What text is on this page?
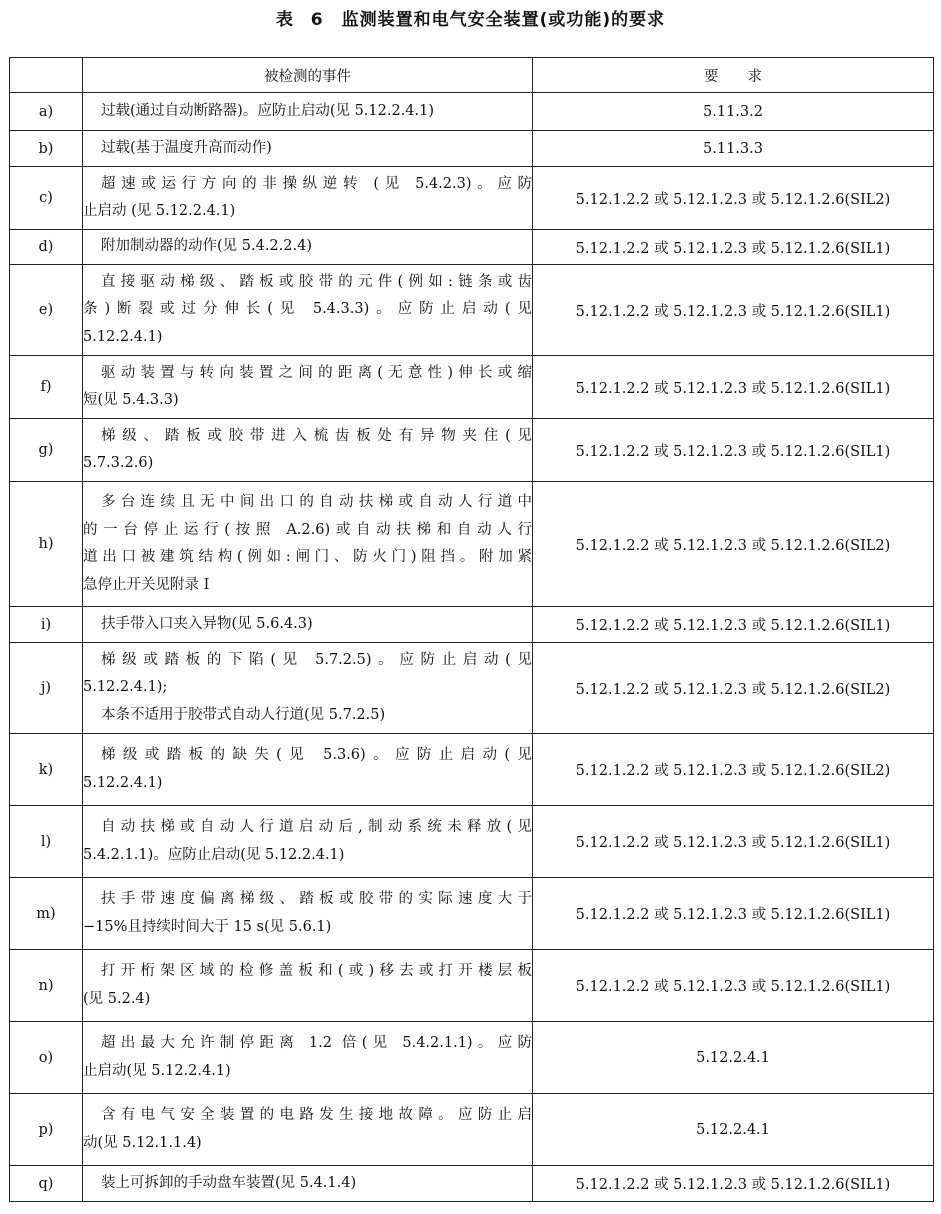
表 6　监测装置和电气安全装置(或功能)的要求
	被检测的事件	要　　求
a)	过载(通过自动断路器)。应防止启动(见 5.12.2.4.1)	5.11.3.2
b)	过载(基于温度升高而动作)	5.11.3.3
c)	超速或运行方向的非操纵逆转 (见 5.4.2.3)。应防
止启动 (见 5.12.2.4.1)	5.12.1.2.2 或 5.12.1.2.3 或 5.12.1.2.6(SIL2)
d)	附加制动器的动作(见 5.4.2.2.4)	5.12.1.2.2 或 5.12.1.2.3 或 5.12.1.2.6(SIL1)
e)	直接驱动梯级、踏板或胶带的元件(例如:链条或齿
条)断裂或过分伸长(见 5.4.3.3)。应防止启动(见
5.12.2.4.1)	5.12.1.2.2 或 5.12.1.2.3 或 5.12.1.2.6(SIL1)
f)	驱动装置与转向装置之间的距离(无意性)伸长或缩
短(见 5.4.3.3)	5.12.1.2.2 或 5.12.1.2.3 或 5.12.1.2.6(SIL1)
g)	梯级、踏板或胶带进入梳齿板处有异物夹住(见
5.7.3.2.6)	5.12.1.2.2 或 5.12.1.2.3 或 5.12.1.2.6(SIL1)
h)	多台连续且无中间出口的自动扶梯或自动人行道中
的一台停止运行(按照 A.2.6)或自动扶梯和自动人行
道出口被建筑结构(例如:闸门、防火门)阻挡。附加紧
急停止开关见附录 I	5.12.1.2.2 或 5.12.1.2.3 或 5.12.1.2.6(SIL2)
i)	扶手带入口夹入异物(见 5.6.4.3)	5.12.1.2.2 或 5.12.1.2.3 或 5.12.1.2.6(SIL1)
j)	梯级或踏板的下陷(见 5.7.2.5)。应防止启动(见
5.12.2.4.1);
本条不适用于胶带式自动人行道(见 5.7.2.5)	5.12.1.2.2 或 5.12.1.2.3 或 5.12.1.2.6(SIL2)
k)	梯级或踏板的缺失(见 5.3.6)。应防止启动(见
5.12.2.4.1)	5.12.1.2.2 或 5.12.1.2.3 或 5.12.1.2.6(SIL2)
l)	自动扶梯或自动人行道启动后,制动系统未释放(见
5.4.2.1.1)。应防止启动(见 5.12.2.4.1)	5.12.1.2.2 或 5.12.1.2.3 或 5.12.1.2.6(SIL1)
m)	扶手带速度偏离梯级、踏板或胶带的实际速度大于
−15%且持续时间大于 15 s(见 5.6.1)	5.12.1.2.2 或 5.12.1.2.3 或 5.12.1.2.6(SIL1)
n)	打开桁架区域的检修盖板和(或)移去或打开楼层板
(见 5.2.4)	5.12.1.2.2 或 5.12.1.2.3 或 5.12.1.2.6(SIL1)
o)	超出最大允许制停距离 1.2 倍(见 5.4.2.1.1)。应防
止启动(见 5.12.2.4.1)	5.12.2.4.1
p)	含有电气安全装置的电路发生接地故障。应防止启
动(见 5.12.1.1.4)	5.12.2.4.1
q)	装上可拆卸的手动盘车装置(见 5.4.1.4)	5.12.1.2.2 或 5.12.1.2.3 或 5.12.1.2.6(SIL1)
